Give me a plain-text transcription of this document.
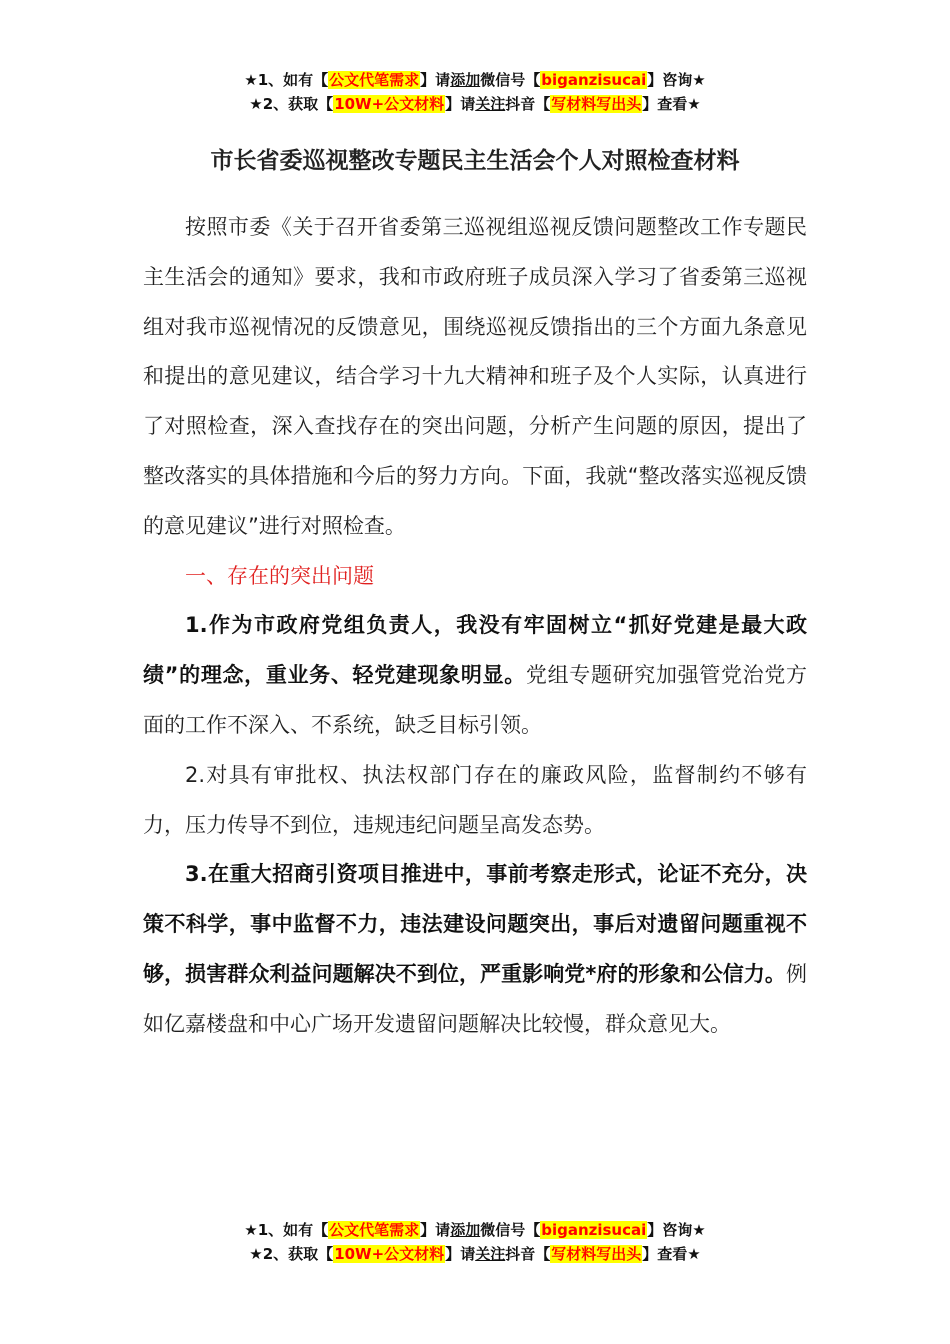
★1、如有【公文代笔需求】请添加微信号【biganzisucai】咨询★
★2、获取【10W+公文材料】请关注抖音【写材料写出头】查看★
市长省委巡视整改专题民主生活会个人对照检查材料

按照市委《关于召开省委第三巡视组巡视反馈问题整改工作专题民主生活会的通知》要求，我和市政府班子成员深入学习了省委第三巡视组对我市巡视情况的反馈意见，围绕巡视反馈指出的三个方面九条意见和提出的意见建议，结合学习十九大精神和班子及个人实际，认真进行了对照检查，深入查找存在的突出问题，分析产生问题的原因，提出了整改落实的具体措施和今后的努力方向。下面，我就“整改落实巡视反馈的意见建议”进行对照检查。

一、存在的突出问题

1.作为市政府党组负责人，我没有牢固树立“抓好党建是最大政绩”的理念，重业务、轻党建现象明显。党组专题研究加强管党治党方面的工作不深入、不系统，缺乏目标引领。

2.对具有审批权、执法权部门存在的廉政风险，监督制约不够有力，压力传导不到位，违规违纪问题呈高发态势。

3.在重大招商引资项目推进中，事前考察走形式，论证不充分，决策不科学，事中监督不力，违法建设问题突出，事后对遗留问题重视不够，损害群众利益问题解决不到位，严重影响党*府的形象和公信力。例如亿嘉楼盘和中心广场开发遗留问题解决比较慢，群众意见大。

★1、如有【公文代笔需求】请添加微信号【biganzisucai】咨询★
★2、获取【10W+公文材料】请关注抖音【写材料写出头】查看★
